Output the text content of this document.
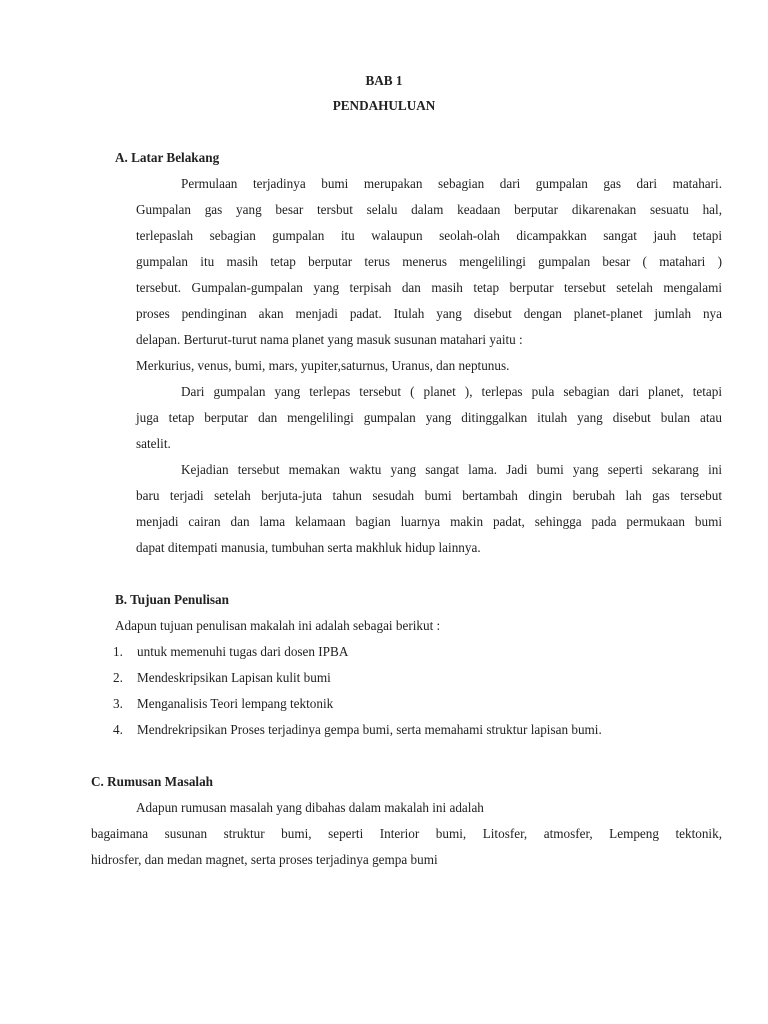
BAB 1
PENDAHULUAN
A. Latar Belakang
Permulaan terjadinya bumi merupakan sebagian dari gumpalan gas dari matahari.
Gumpalan gas yang besar tersbut selalu dalam keadaan berputar dikarenakan sesuatu hal,
terlepaslah sebagian gumpalan itu walaupun seolah-olah dicampakkan sangat jauh tetapi
gumpalan itu masih tetap berputar terus menerus mengelilingi gumpalan besar ( matahari )
tersebut. Gumpalan-gumpalan yang terpisah dan masih tetap berputar tersebut setelah mengalami
proses pendinginan akan menjadi padat. Itulah yang disebut dengan planet-planet jumlah nya
delapan. Berturut-turut nama planet yang masuk susunan matahari yaitu :
Merkurius, venus, bumi, mars, yupiter,saturnus, Uranus, dan neptunus.
Dari gumpalan yang terlepas tersebut ( planet ), terlepas pula sebagian dari planet, tetapi
juga tetap berputar dan mengelilingi gumpalan yang ditinggalkan itulah yang disebut bulan atau
satelit.
Kejadian tersebut memakan waktu yang sangat lama. Jadi bumi yang seperti sekarang ini
baru terjadi setelah berjuta-juta tahun sesudah bumi bertambah dingin berubah lah gas tersebut
menjadi cairan dan lama kelamaan bagian luarnya makin padat, sehingga pada permukaan bumi
dapat ditempati manusia, tumbuhan serta makhluk hidup lainnya.
B. Tujuan Penulisan
Adapun tujuan penulisan makalah ini adalah sebagai berikut :
1. untuk memenuhi tugas dari dosen IPBA
2. Mendeskripsikan Lapisan kulit bumi
3. Menganalisis Teori lempang tektonik
4. Mendrekripsikan Proses terjadinya gempa bumi, serta memahami struktur lapisan bumi.
C. Rumusan Masalah
Adapun rumusan masalah yang dibahas dalam makalah ini adalah
bagaimana susunan struktur bumi, seperti Interior bumi, Litosfer, atmosfer, Lempeng tektonik,
hidrosfer, dan medan magnet, serta proses terjadinya gempa bumi
